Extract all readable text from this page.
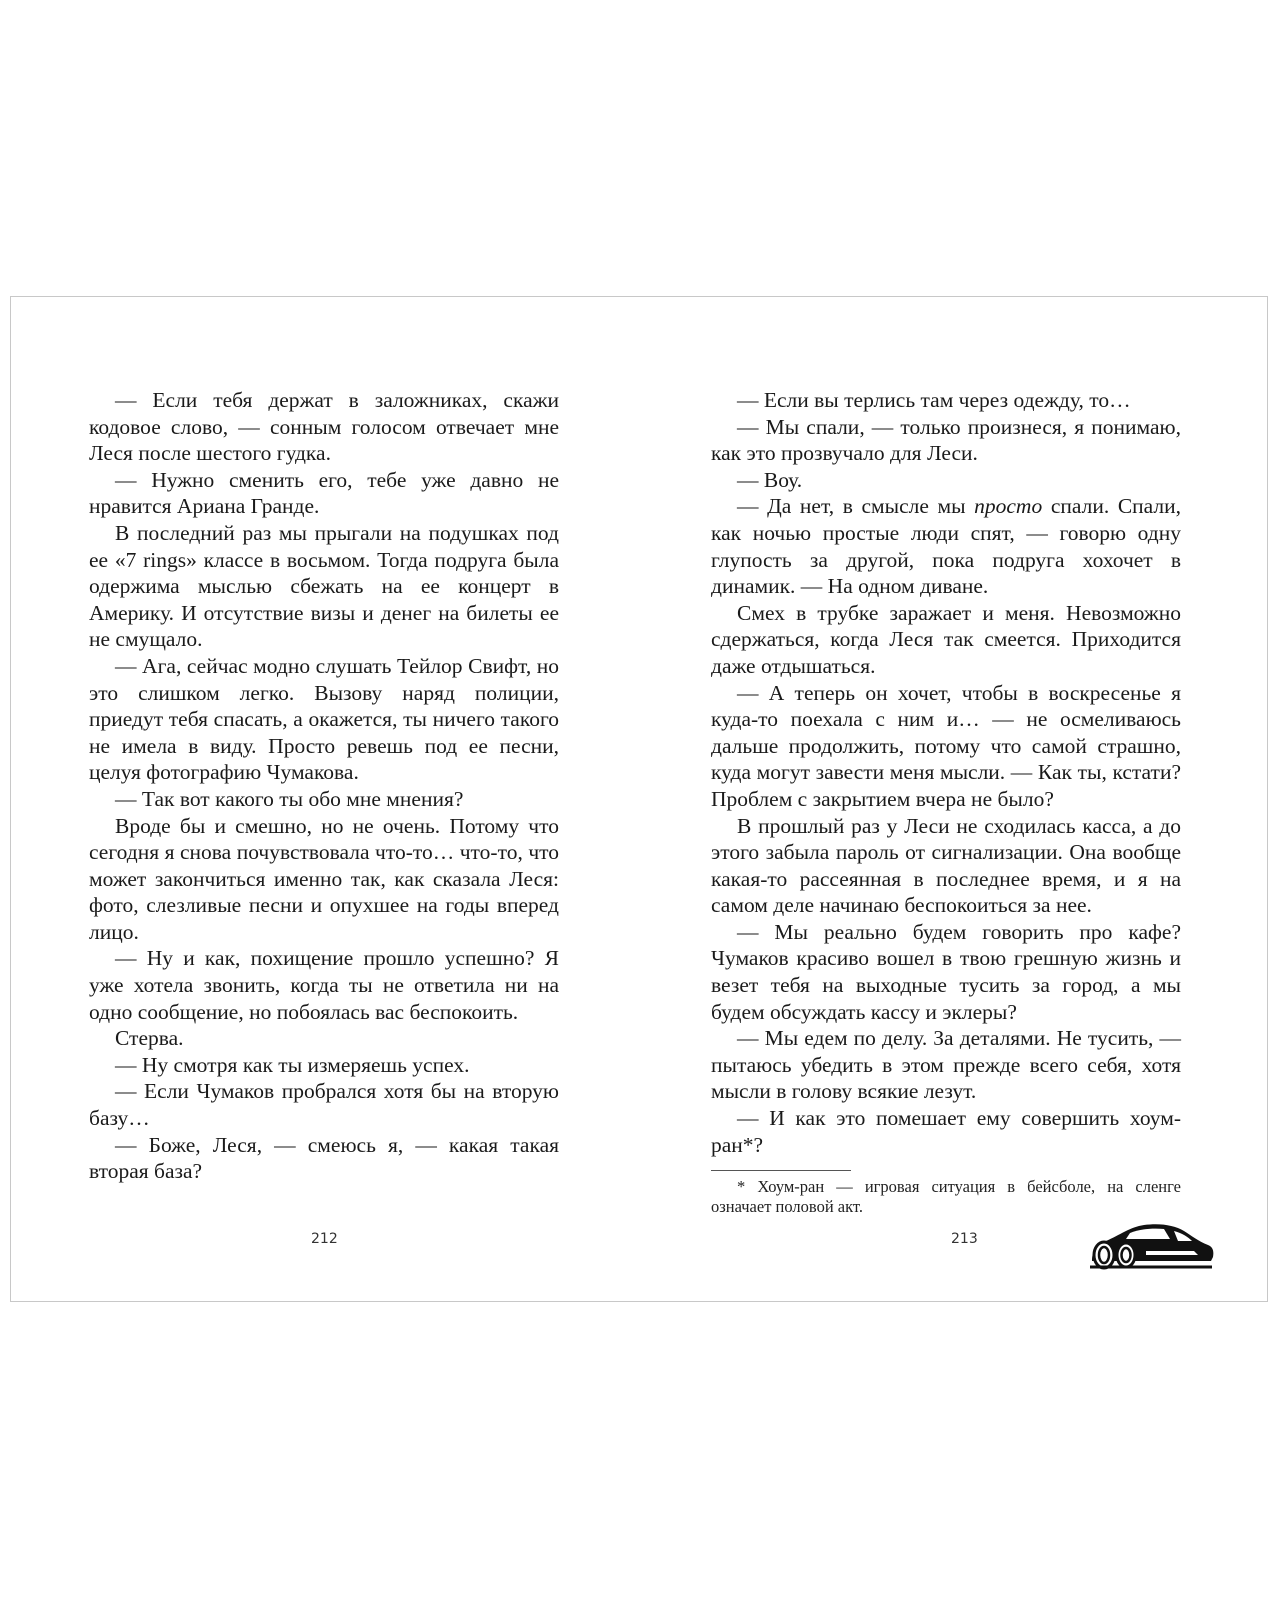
— Если тебя держат в заложниках, скажи кодовое слово, — сонным голосом отвечает мне Леся после шестого гудка.

— Нужно сменить его, тебе уже давно не нравится Ариана Гранде.

В последний раз мы прыгали на подушках под ее «7 rings» классе в восьмом. Тогда подруга была одержима мыслью сбежать на ее концерт в Америку. И отсутствие визы и денег на билеты ее не смущало.

— Ага, сейчас модно слушать Тейлор Свифт, но это слишком легко. Вызову наряд полиции, приедут тебя спасать, а окажется, ты ничего такого не имела в виду. Просто ревешь под ее песни, целуя фотографию Чумакова.

— Так вот какого ты обо мне мнения?

Вроде бы и смешно, но не очень. Потому что сегодня я снова почувствовала что-то… что-то, что может закончиться именно так, как сказала Леся: фото, слезливые песни и опухшее на годы вперед лицо.

— Ну и как, похищение прошло успешно? Я уже хотела звонить, когда ты не ответила ни на одно сообщение, но побоялась вас беспокоить.

Стерва.

— Ну смотря как ты измеряешь успех.

— Если Чумаков пробрался хотя бы на вторую базу…

— Боже, Леся, — смеюсь я, — какая такая вторая база?

— Если вы терлись там через одежду, то…

— Мы спали, — только произнеся, я понимаю, как это прозвучало для Леси.

— Воу.

— Да нет, в смысле мы просто спали. Спали, как ночью простые люди спят, — говорю одну глупость за другой, пока подруга хохочет в динамик. — На одном диване.

Смех в трубке заражает и меня. Невозможно сдержаться, когда Леся так смеется. Приходится даже отдышаться.

— А теперь он хочет, чтобы в воскресенье я куда-то поехала с ним и… — не осмеливаюсь дальше продолжить, потому что самой страшно, куда могут завести меня мысли. — Как ты, кстати? Проблем с закрытием вчера не было?

В прошлый раз у Леси не сходилась касса, а до этого забыла пароль от сигнализации. Она вообще какая-то рассеянная в последнее время, и я на самом деле начинаю беспокоиться за нее.

— Мы реально будем говорить про кафе? Чумаков красиво вошел в твою грешную жизнь и везет тебя на выходные тусить за город, а мы будем обсуждать кассу и эклеры?

— Мы едем по делу. За деталями. Не тусить, — пытаюсь убедить в этом прежде всего себя, хотя мысли в голову всякие лезут.

— И как это помешает ему совершить хоум-ран*?

* Хоум-ран — игровая ситуация в бейсболе, на сленге означает половой акт.

212	213
